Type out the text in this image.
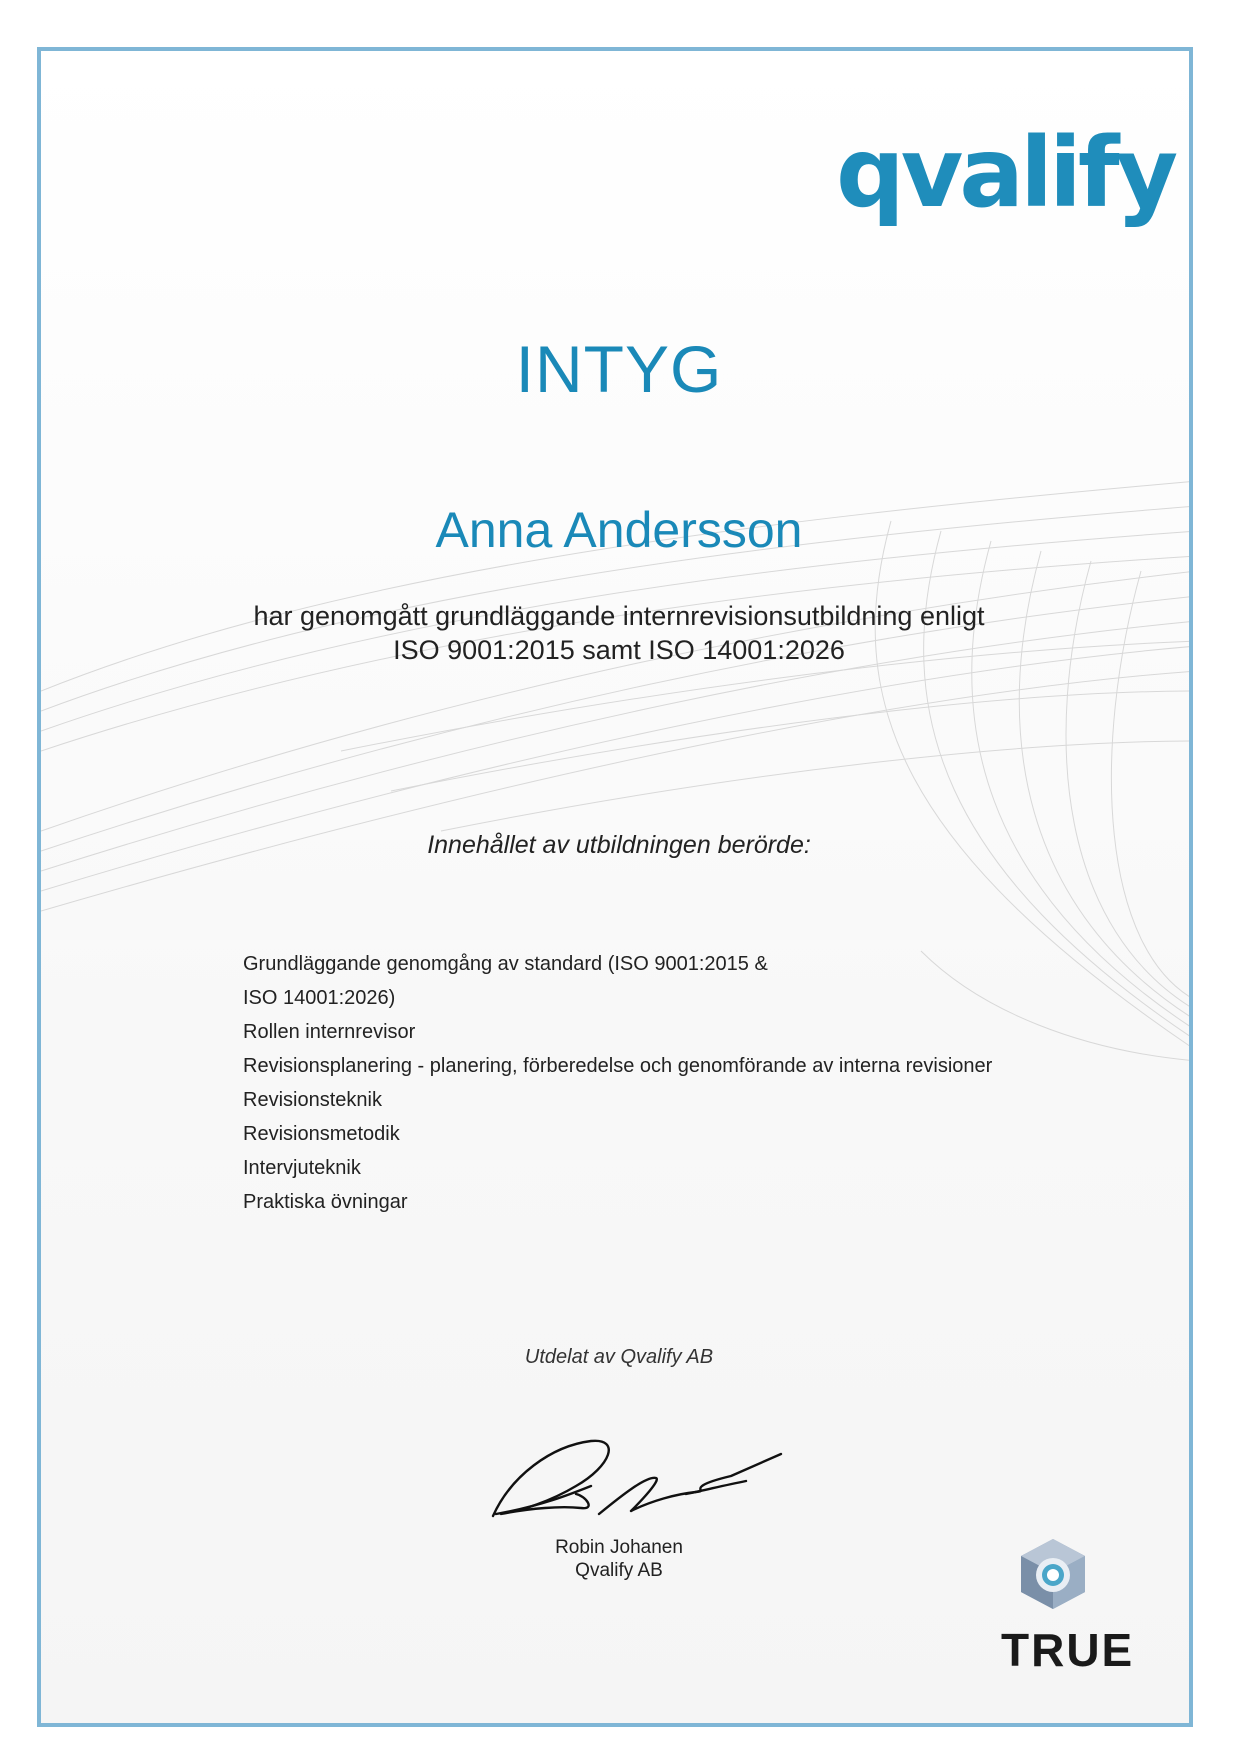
qvalify
INTYG
Anna Andersson
har genomgått grundläggande internrevisionsutbildning enligt
ISO 9001:2015 samt ISO 14001:2026
Innehållet av utbildningen berörde:
Grundläggande genomgång av standard (ISO 9001:2015 &
ISO 14001:2026)
Rollen internrevisor
Revisionsplanering - planering, förberedelse och genomförande av interna revisioner
Revisionsteknik
Revisionsmetodik
Intervjuteknik
Praktiska övningar
Utdelat av Qvalify AB
Robin Johanen
Qvalify AB
TRUE
